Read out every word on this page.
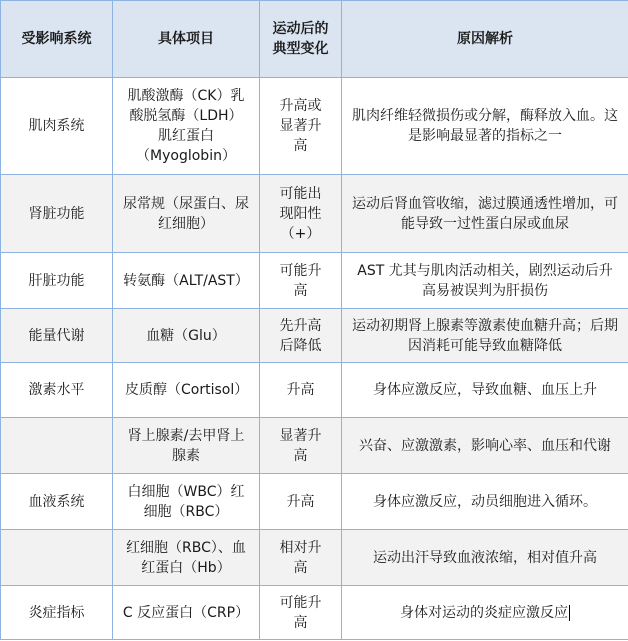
受影响系统	具体项目	运动后的典型变化	原因解析
肌肉系统	肌酸激酶（CK）乳酸脱氢酶（LDH）肌红蛋白（Myoglobin）	升高或显著升高	肌肉纤维轻微损伤或分解，酶释放入血。这是影响最显著的指标之一
肾脏功能	尿常规（尿蛋白、尿红细胞）	可能出现阳性（+）	运动后肾血管收缩，滤过膜通透性增加，可能导致一过性蛋白尿或血尿
肝脏功能	转氨酶（ALT/AST）	可能升高	AST 尤其与肌肉活动相关，剧烈运动后升高易被误判为肝损伤
能量代谢	血糖（Glu）	先升高后降低	运动初期肾上腺素等激素使血糖升高；后期因消耗可能导致血糖降低
激素水平	皮质醇（Cortisol）	升高	身体应激反应，导致血糖、血压上升
	肾上腺素/去甲肾上腺素	显著升高	兴奋、应激激素，影响心率、血压和代谢
血液系统	白细胞（WBC）红细胞（RBC）	升高	身体应激反应，动员细胞进入循环。
	红细胞（RBC）、血红蛋白（Hb）	相对升高	运动出汗导致血液浓缩，相对值升高
炎症指标	C 反应蛋白（CRP）	可能升高	身体对运动的炎症应激反应
